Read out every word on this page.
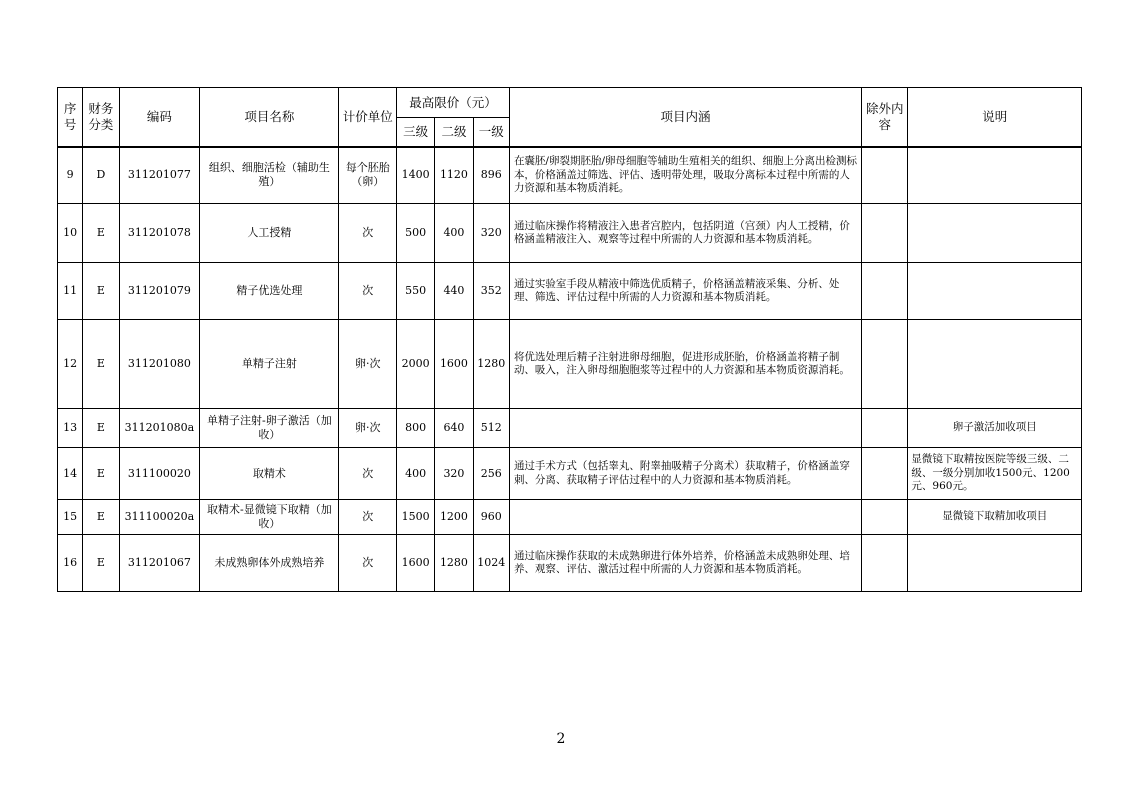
序号	财务分类	编码	项目名称	计价单位	最高限价（元）			项目内涵	除外内容	说明
					三级	二级	一级			
9	D	311201077	组织、细胞活检（辅助生殖）	每个胚胎（卵）	1400	1120	896	在囊胚/卵裂期胚胎/卵母细胞等辅助生殖相关的组织、细胞上分离出检测标本，价格涵盖过筛选、评估、透明带处理，吸取分离标本过程中所需的人力资源和基本物质消耗。		
10	E	311201078	人工授精	次	500	400	320	通过临床操作将精液注入患者宫腔内，包括阴道（宫颈）内人工授精，价格涵盖精液注入、观察等过程中所需的人力资源和基本物质消耗。		
11	E	311201079	精子优选处理	次	550	440	352	通过实验室手段从精液中筛选优质精子，价格涵盖精液采集、分析、处理、筛选、评估过程中所需的人力资源和基本物质消耗。		
12	E	311201080	单精子注射	卵·次	2000	1600	1280	将优选处理后精子注射进卵母细胞，促进形成胚胎，价格涵盖将精子制动、吸入，注入卵母细胞胞浆等过程中的人力资源和基本物质资源消耗。		
13	E	311201080a	单精子注射-卵子激活（加收）	卵·次	800	640	512			卵子激活加收项目
14	E	311100020	取精术	次	400	320	256	通过手术方式（包括睾丸、附睾抽吸精子分离术）获取精子，价格涵盖穿刺、分离、获取精子评估过程中的人力资源和基本物质消耗。		显微镜下取精按医院等级三级、二级、一级分别加收1500元、1200元、960元。
15	E	311100020a	取精术-显微镜下取精（加收）	次	1500	1200	960			显微镜下取精加收项目
16	E	311201067	未成熟卵体外成熟培养	次	1600	1280	1024	通过临床操作获取的未成熟卵进行体外培养，价格涵盖未成熟卵处理、培养、观察、评估、激活过程中所需的人力资源和基本物质消耗。		
2
